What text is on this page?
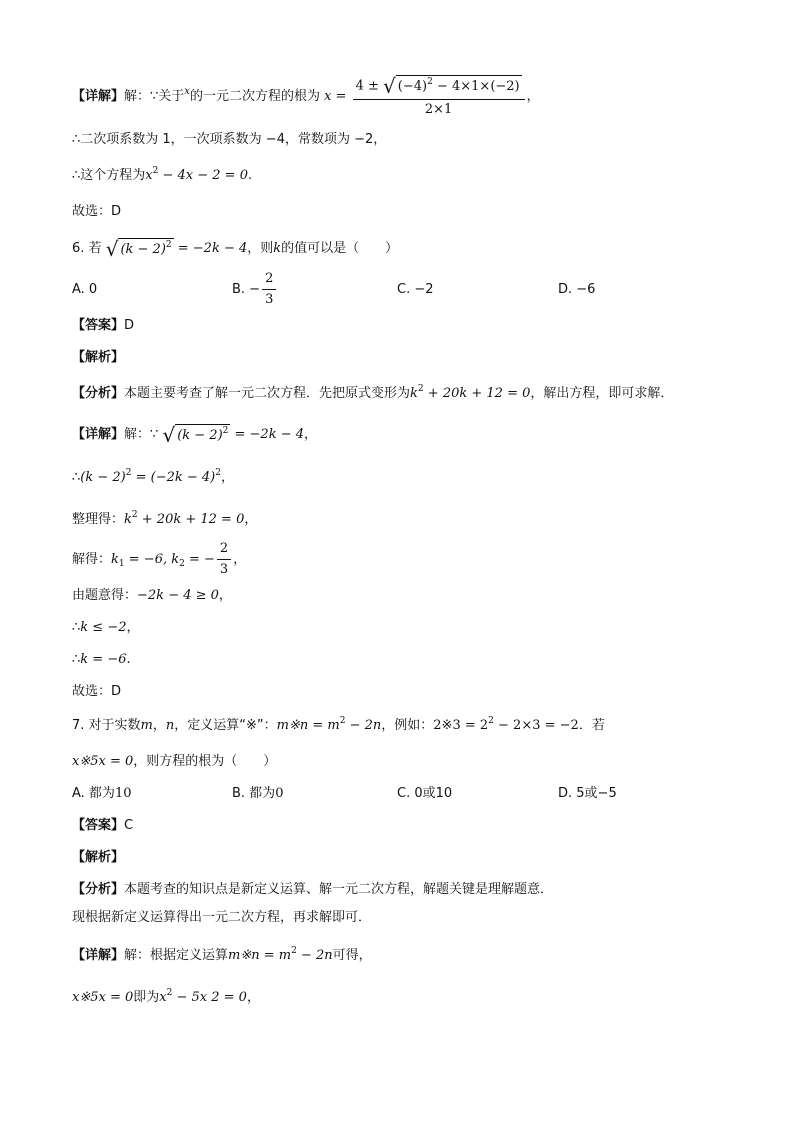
【详解】解：∵关于$^x$的一元二次方程的根为 $x = \frac{4 \pm √ (-4)^2 - 4\times 1\times(-2)}{2\times 1}$ ，
∴二次项系数为 1，一次项系数为 −4，常数项为 −2，
∴这个方程为$x^2 - 4x - 2 = 0$.
故选：D
6. 若 √ $(k - 2)^2 = -2k - 4$，则k的值可以是（　　）
A. 0	B. − $\frac{2}{3}$	C. −2	D. −6
【答案】D
【解析】
【分析】本题主要考查了解一元二次方程．先把原式变形为$k^2 + 20k + 12 = 0$，解出方程，即可求解．
【详解】解：∵ √ $(k - 2)^2 = -2k - 4$，
∴(k − $2)^2 = (-2k - 4)^2$，
整理得：$k^2 + 20k + 12 = 0$，
解得：$k_1 = -6$, $k_2$ = − $\frac{2}{3}$ ，
由题意得：−2k − 4 ≥ 0，
∴k ≤ −2，
∴k = −6.
故选：D
7. 对于实数m，n，定义运算“※”：m※n = $m^2 - 2n$，例如：2※3 = $2^2 - 2\times 3 = -2$．若
x※5x = 0，则方程的根为（　　）
A. 都为10	B. 都为0	C. 0或10	D. 5或−5
【答案】C
【解析】
【分析】本题考查的知识点是新定义运算、解一元二次方程，解题关键是理解题意．
现根据新定义运算得出一元二次方程，再求解即可．
【详解】解：根据定义运算m※n = $m^2 - 2n$可得，
x※5x = 0即为$x^2 - 5x$ 2 = 0，
